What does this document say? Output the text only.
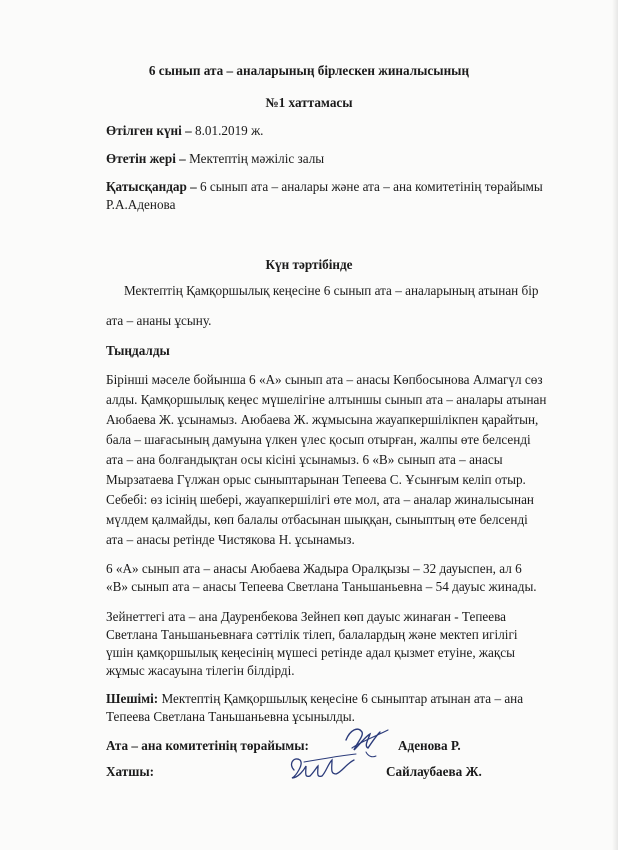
6 сынып ата – аналарының бірлескен жиналысының
№1 хаттамасы
Өтілген күні – 8.01.2019 ж.
Өтетін жері – Мектептің мәжіліс залы
Қатысқандар – 6 сынып ата – аналары және ата – ана комитетінің төрайымы
Р.А.Аденова
Күн тәртібінде
Мектептің Қамқоршылық кеңесіне 6 сынып ата – аналарының атынан бір
ата – ананы ұсыну.
Тыңдалды
Бірінші мәселе бойынша 6 «А» сынып ата – анасы Көпбосынова Алмагүл сөз
алды. Қамқоршылық кеңес мүшелігіне алтыншы сынып ата – аналары атынан
Аюбаева Ж. ұсынамыз. Аюбаева Ж. жұмысына жауапкершілікпен қарайтын,
бала – шағасының дамуына үлкен үлес қосып отырған, жалпы өте белсенді
ата – ана болғандықтан осы кісіні ұсынамыз. 6 «В» сынып ата – анасы
Мырзатаева Гүлжан орыс сыныптарынан Тепеева С. Ұсынғым келіп отыр.
Себебі: өз ісінің шебері, жауапкершілігі өте мол, ата – аналар жиналысынан
мүлдем қалмайды, көп балалы отбасынан шыққан, сыныптың өте белсенді
ата – анасы ретінде Чистякова Н. ұсынамыз.
6 «А» сынып ата – анасы Аюбаева Жадыра Оралқызы – 32 дауыспен, ал 6
«В» сынып ата – анасы Тепеева Светлана Таньшаньевна – 54 дауыс жинады.
Зейнеттегі ата – ана Дауренбекова Зейнеп көп дауыс жинаған - Тепеева
Светлана Таньшаньевнаға сәттілік тілеп, балалардың және мектеп игілігі
үшін қамқоршылық кеңесінің мүшесі ретінде адал қызмет етуіне, жақсы
жұмыс жасауына тілегін білдірді.
Шешімі: Мектептің Қамқоршылық кеңесіне 6 сыныптар атынан ата – ана
Тепеева Светлана Таньшаньевна ұсынылды.
Ата – ана комитетінің төрайымы:	Аденова Р.
Хатшы:	Сайлаубаева Ж.
